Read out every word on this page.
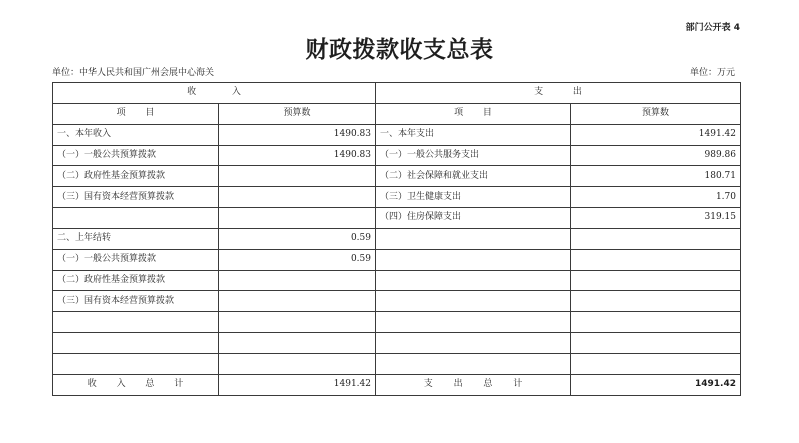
部门公开表 4
财政拨款收支总表
单位：中华人民共和国广州会展中心海关	单位：万元
收 入		支 出	
项 目	预算数	项 目	预算数
一、本年收入	1490.83	一、本年支出	1491.42
（一）一般公共预算拨款	1490.83	（一）一般公共服务支出	989.86
（二）政府性基金预算拨款		（二）社会保障和就业支出	180.71
（三）国有资本经营预算拨款		（三）卫生健康支出	1.70
		（四）住房保障支出	319.15
二、上年结转	0.59		
（一）一般公共预算拨款	0.59		
（二）政府性基金预算拨款			
（三）国有资本经营预算拨款			

收 入 总 计	1491.42	支 出 总 计	1491.42
